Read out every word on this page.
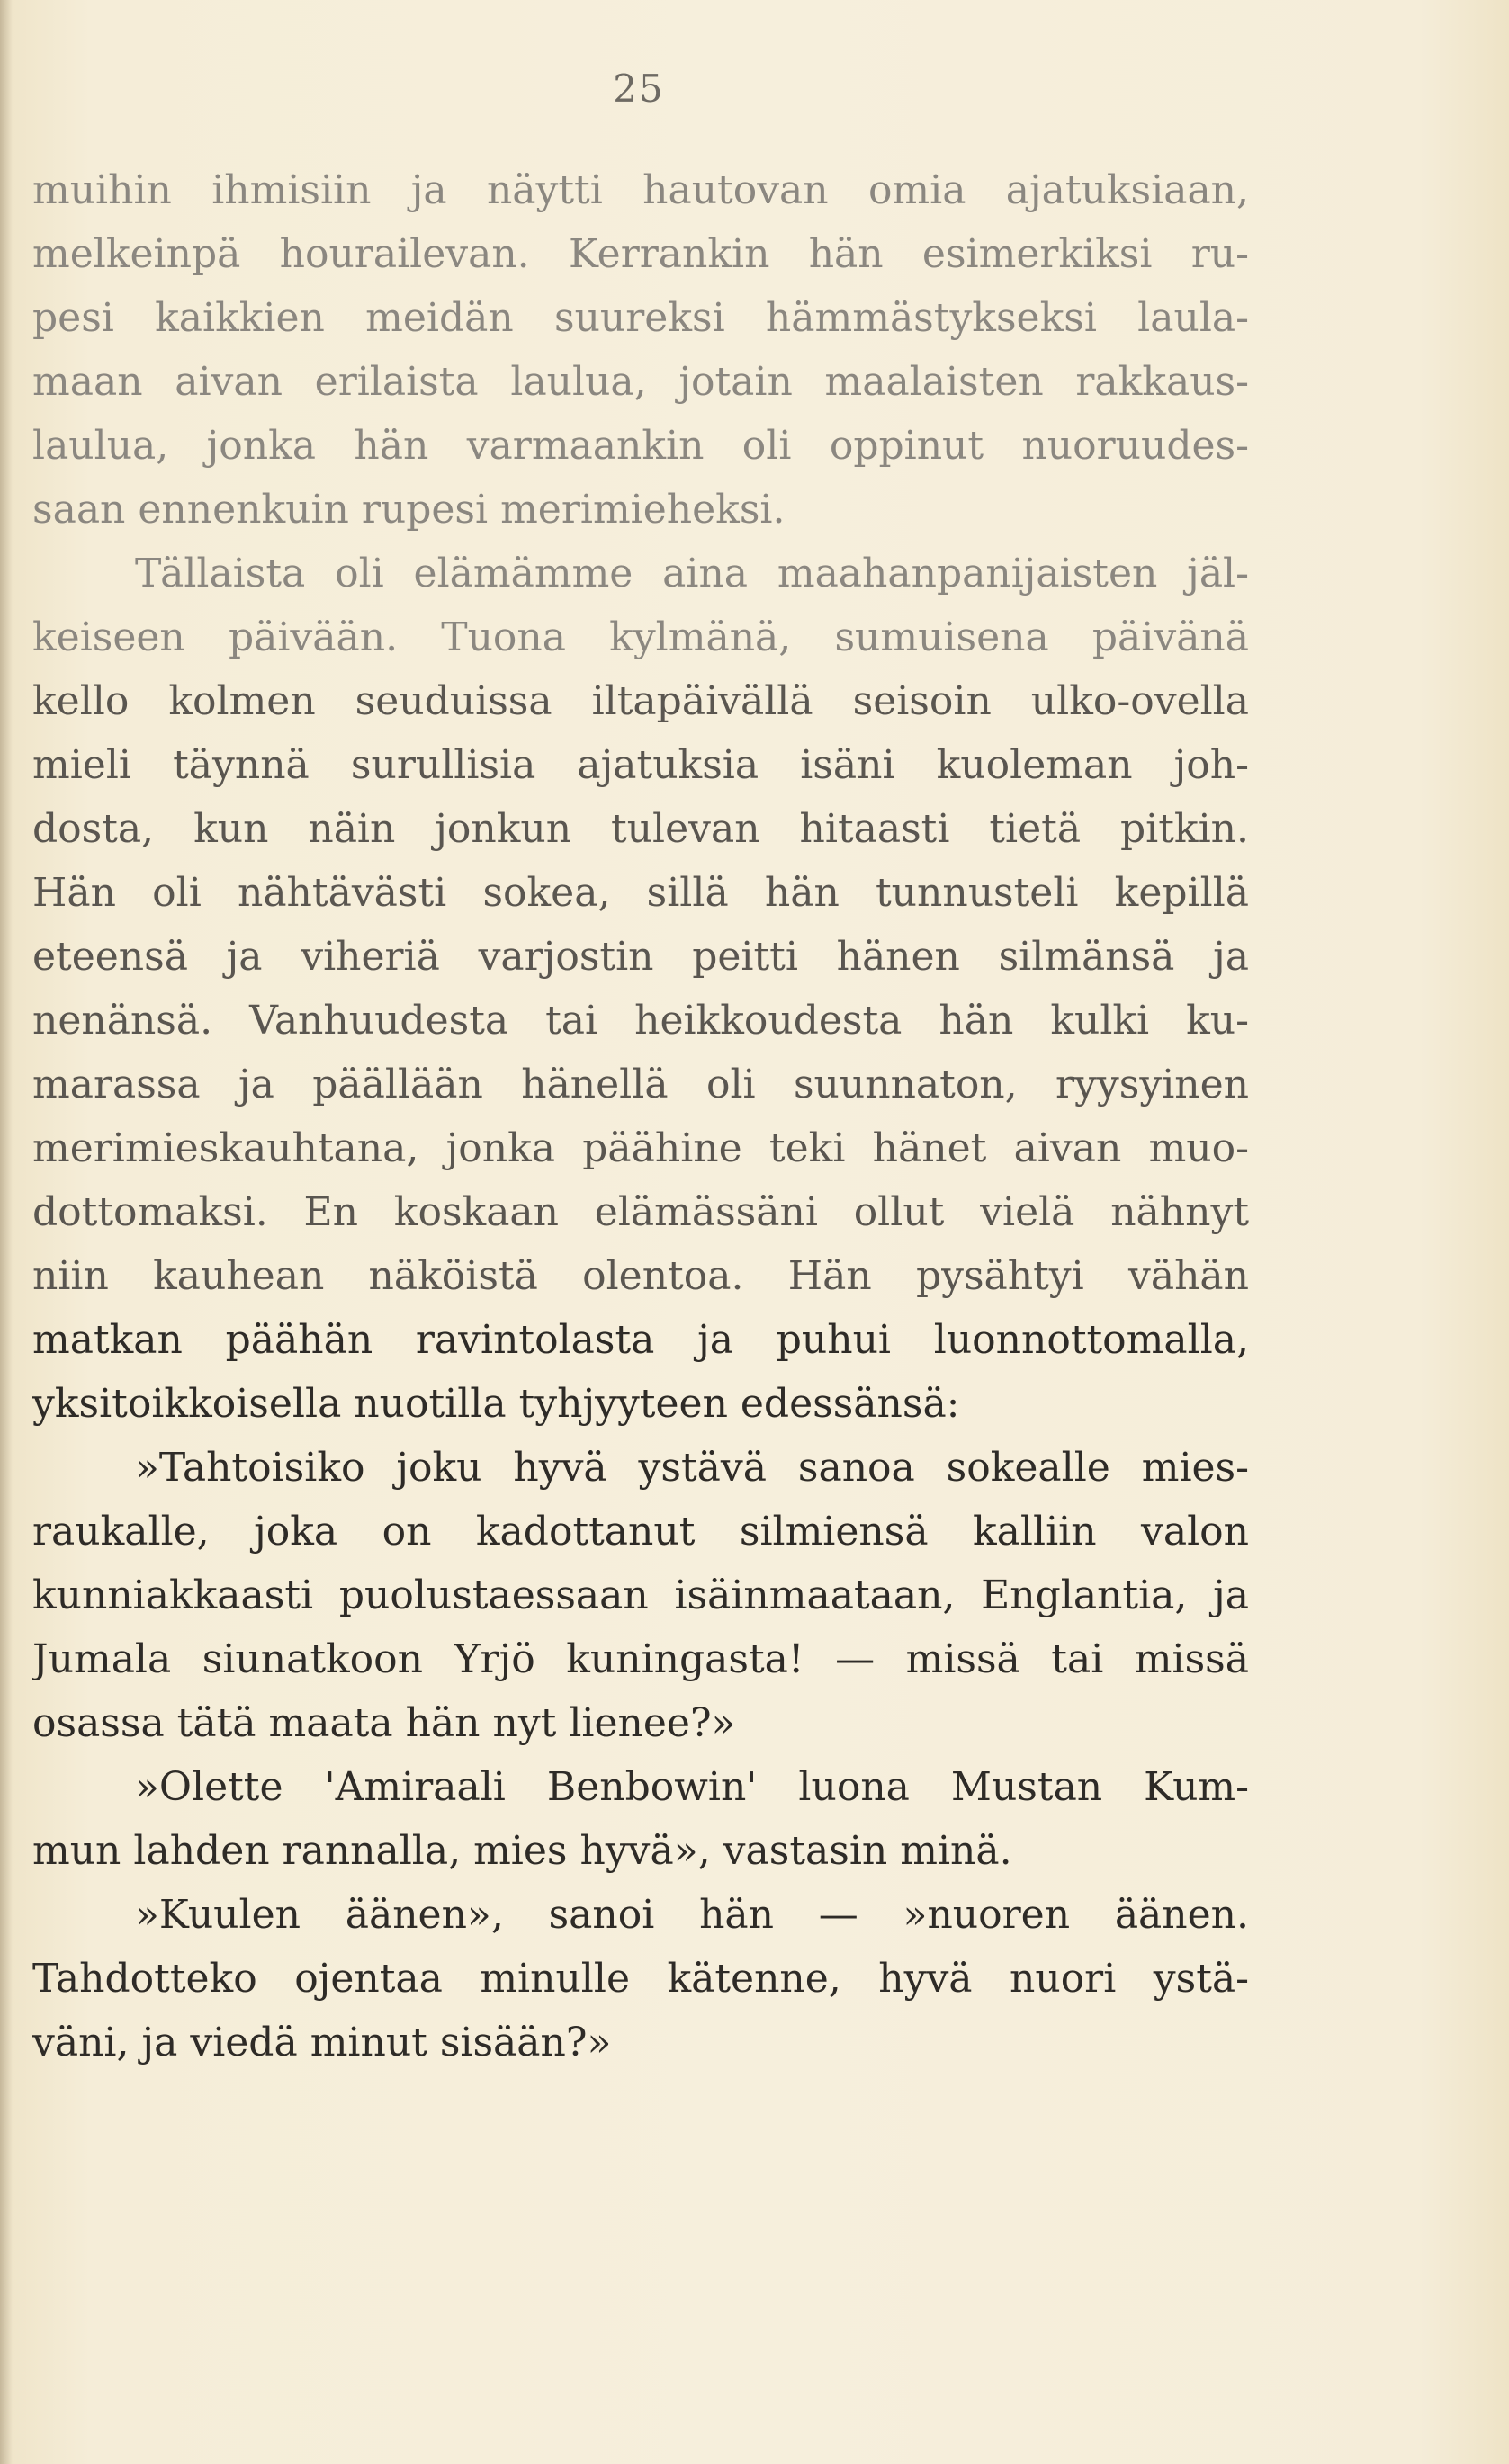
25
muihin ihmisiin ja näytti hautovan omia ajatuksiaan,
melkeinpä hourailevan. Kerrankin hän esimerkiksi ru-
pesi kaikkien meidän suureksi hämmästykseksi laula-
maan aivan erilaista laulua, jotain maalaisten rakkaus-
laulua, jonka hän varmaankin oli oppinut nuoruudes-
saan ennenkuin rupesi merimieheksi.
Tällaista oli elämämme aina maahanpanijaisten jäl-
keiseen päivään. Tuona kylmänä, sumuisena päivänä
kello kolmen seuduissa iltapäivällä seisoin ulko-ovella
mieli täynnä surullisia ajatuksia isäni kuoleman joh-
dosta, kun näin jonkun tulevan hitaasti tietä pitkin.
Hän oli nähtävästi sokea, sillä hän tunnusteli kepillä
eteensä ja viheriä varjostin peitti hänen silmänsä ja
nenänsä. Vanhuudesta tai heikkoudesta hän kulki ku-
marassa ja päällään hänellä oli suunnaton, ryysyinen
merimieskauhtana, jonka päähine teki hänet aivan muo-
dottomaksi. En koskaan elämässäni ollut vielä nähnyt
niin kauhean näköistä olentoa. Hän pysähtyi vähän
matkan päähän ravintolasta ja puhui luonnottomalla,
yksitoikkoisella nuotilla tyhjyyteen edessänsä:
»Tahtoisiko joku hyvä ystävä sanoa sokealle mies-
raukalle, joka on kadottanut silmiensä kalliin valon
kunniakkaasti puolustaessaan isäinmaataan, Englantia, ja
Jumala siunatkoon Yrjö kuningasta! — missä tai missä
osassa tätä maata hän nyt lienee?»
»Olette 'Amiraali Benbowin' luona Mustan Kum-
mun lahden rannalla, mies hyvä», vastasin minä.
»Kuulen äänen», sanoi hän — »nuoren äänen.
Tahdotteko ojentaa minulle kätenne, hyvä nuori ystä-
väni, ja viedä minut sisään?»
